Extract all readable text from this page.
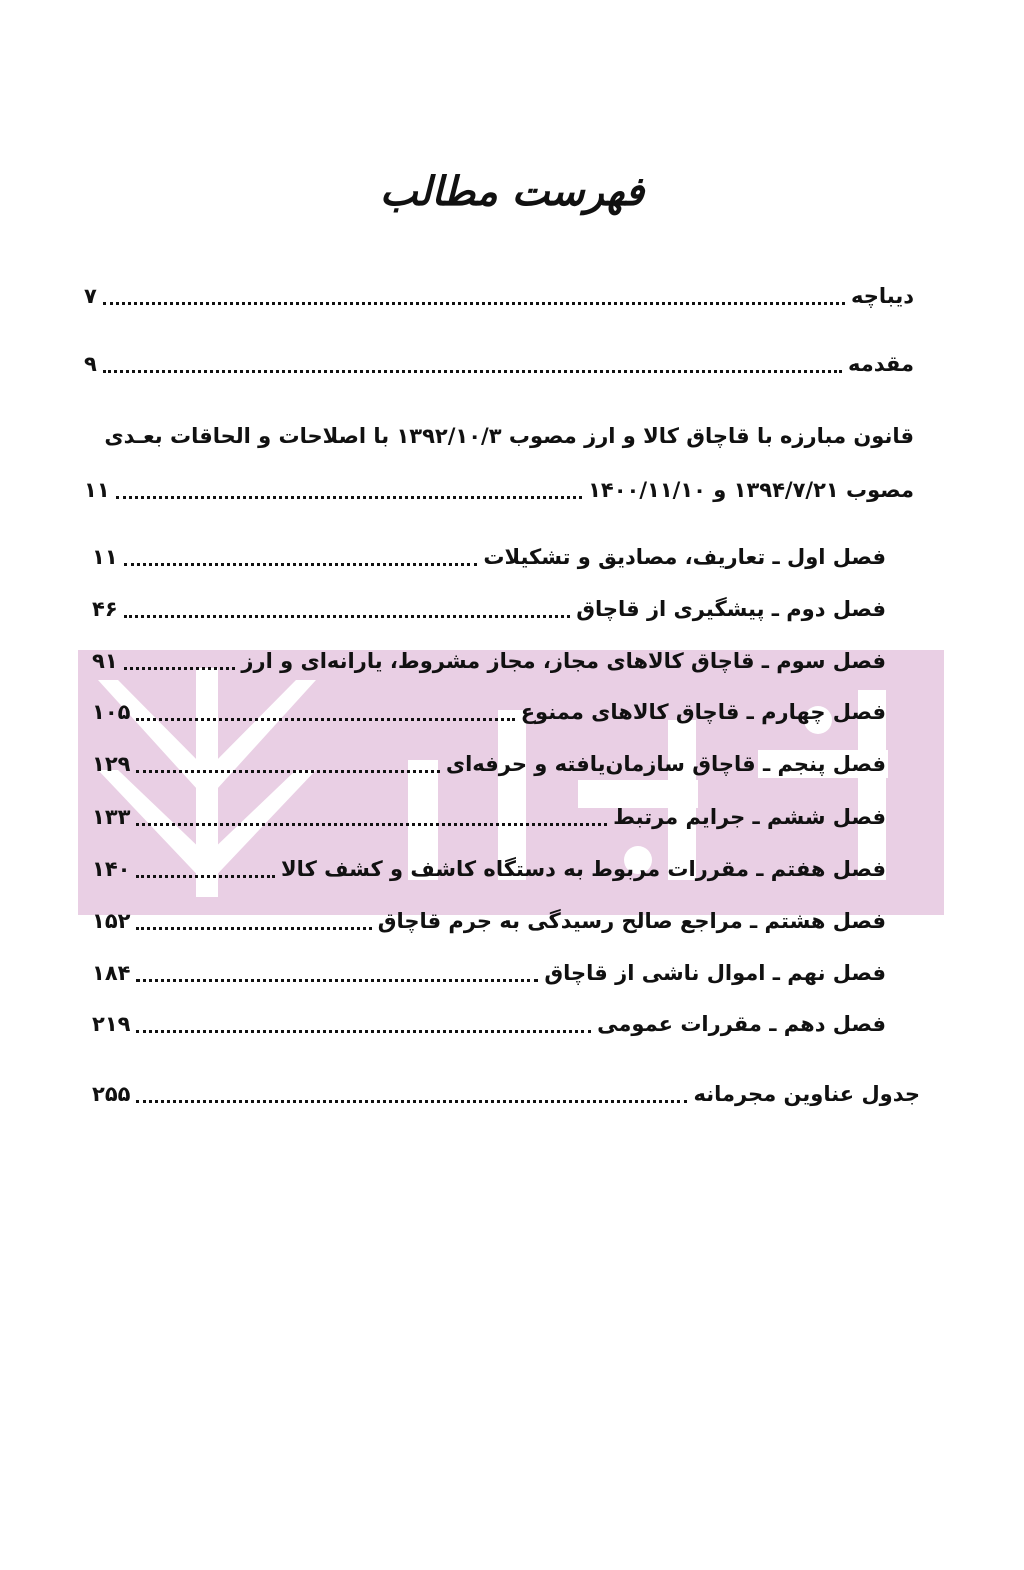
فهرست مطالب
دیباچه
۷
مقدمه
۹
قانون مبارزه با قاچاق کالا و ارز مصوب ۱۳۹۲/۱۰/۳ با اصلاحات و الحاقات بعـدی
مصوب ۱۳۹۴/۷/۲۱ و ۱۴۰۰/۱۱/۱۰
۱۱
فصل اول ـ تعاریف، مصادیق و تشکیلات
۱۱
فصل دوم ـ پیشگیری از قاچاق
۴۶
فصل سوم ـ قاچاق کالاهای مجاز، مجاز مشروط، یارانه‌ای و ارز
۹۱
فصل چهارم ـ قاچاق کالاهای ممنوع
۱۰۵
فصل پنجم ـ قاچاق سازمان‌یافته و حرفه‌ای
۱۲۹
فصل ششم ـ جرایم مرتبط
۱۳۳
فصل هفتم ـ مقررات مربوط به دستگاه کاشف و کشف کالا
۱۴۰
فصل هشتم ـ مراجع صالح رسیدگی به جرم قاچاق
۱۵۲
فصل نهم ـ اموال ناشی از قاچاق
۱۸۴
فصل دهم ـ مقررات عمومی
۲۱۹
جدول عناوین مجرمانه
۲۵۵
